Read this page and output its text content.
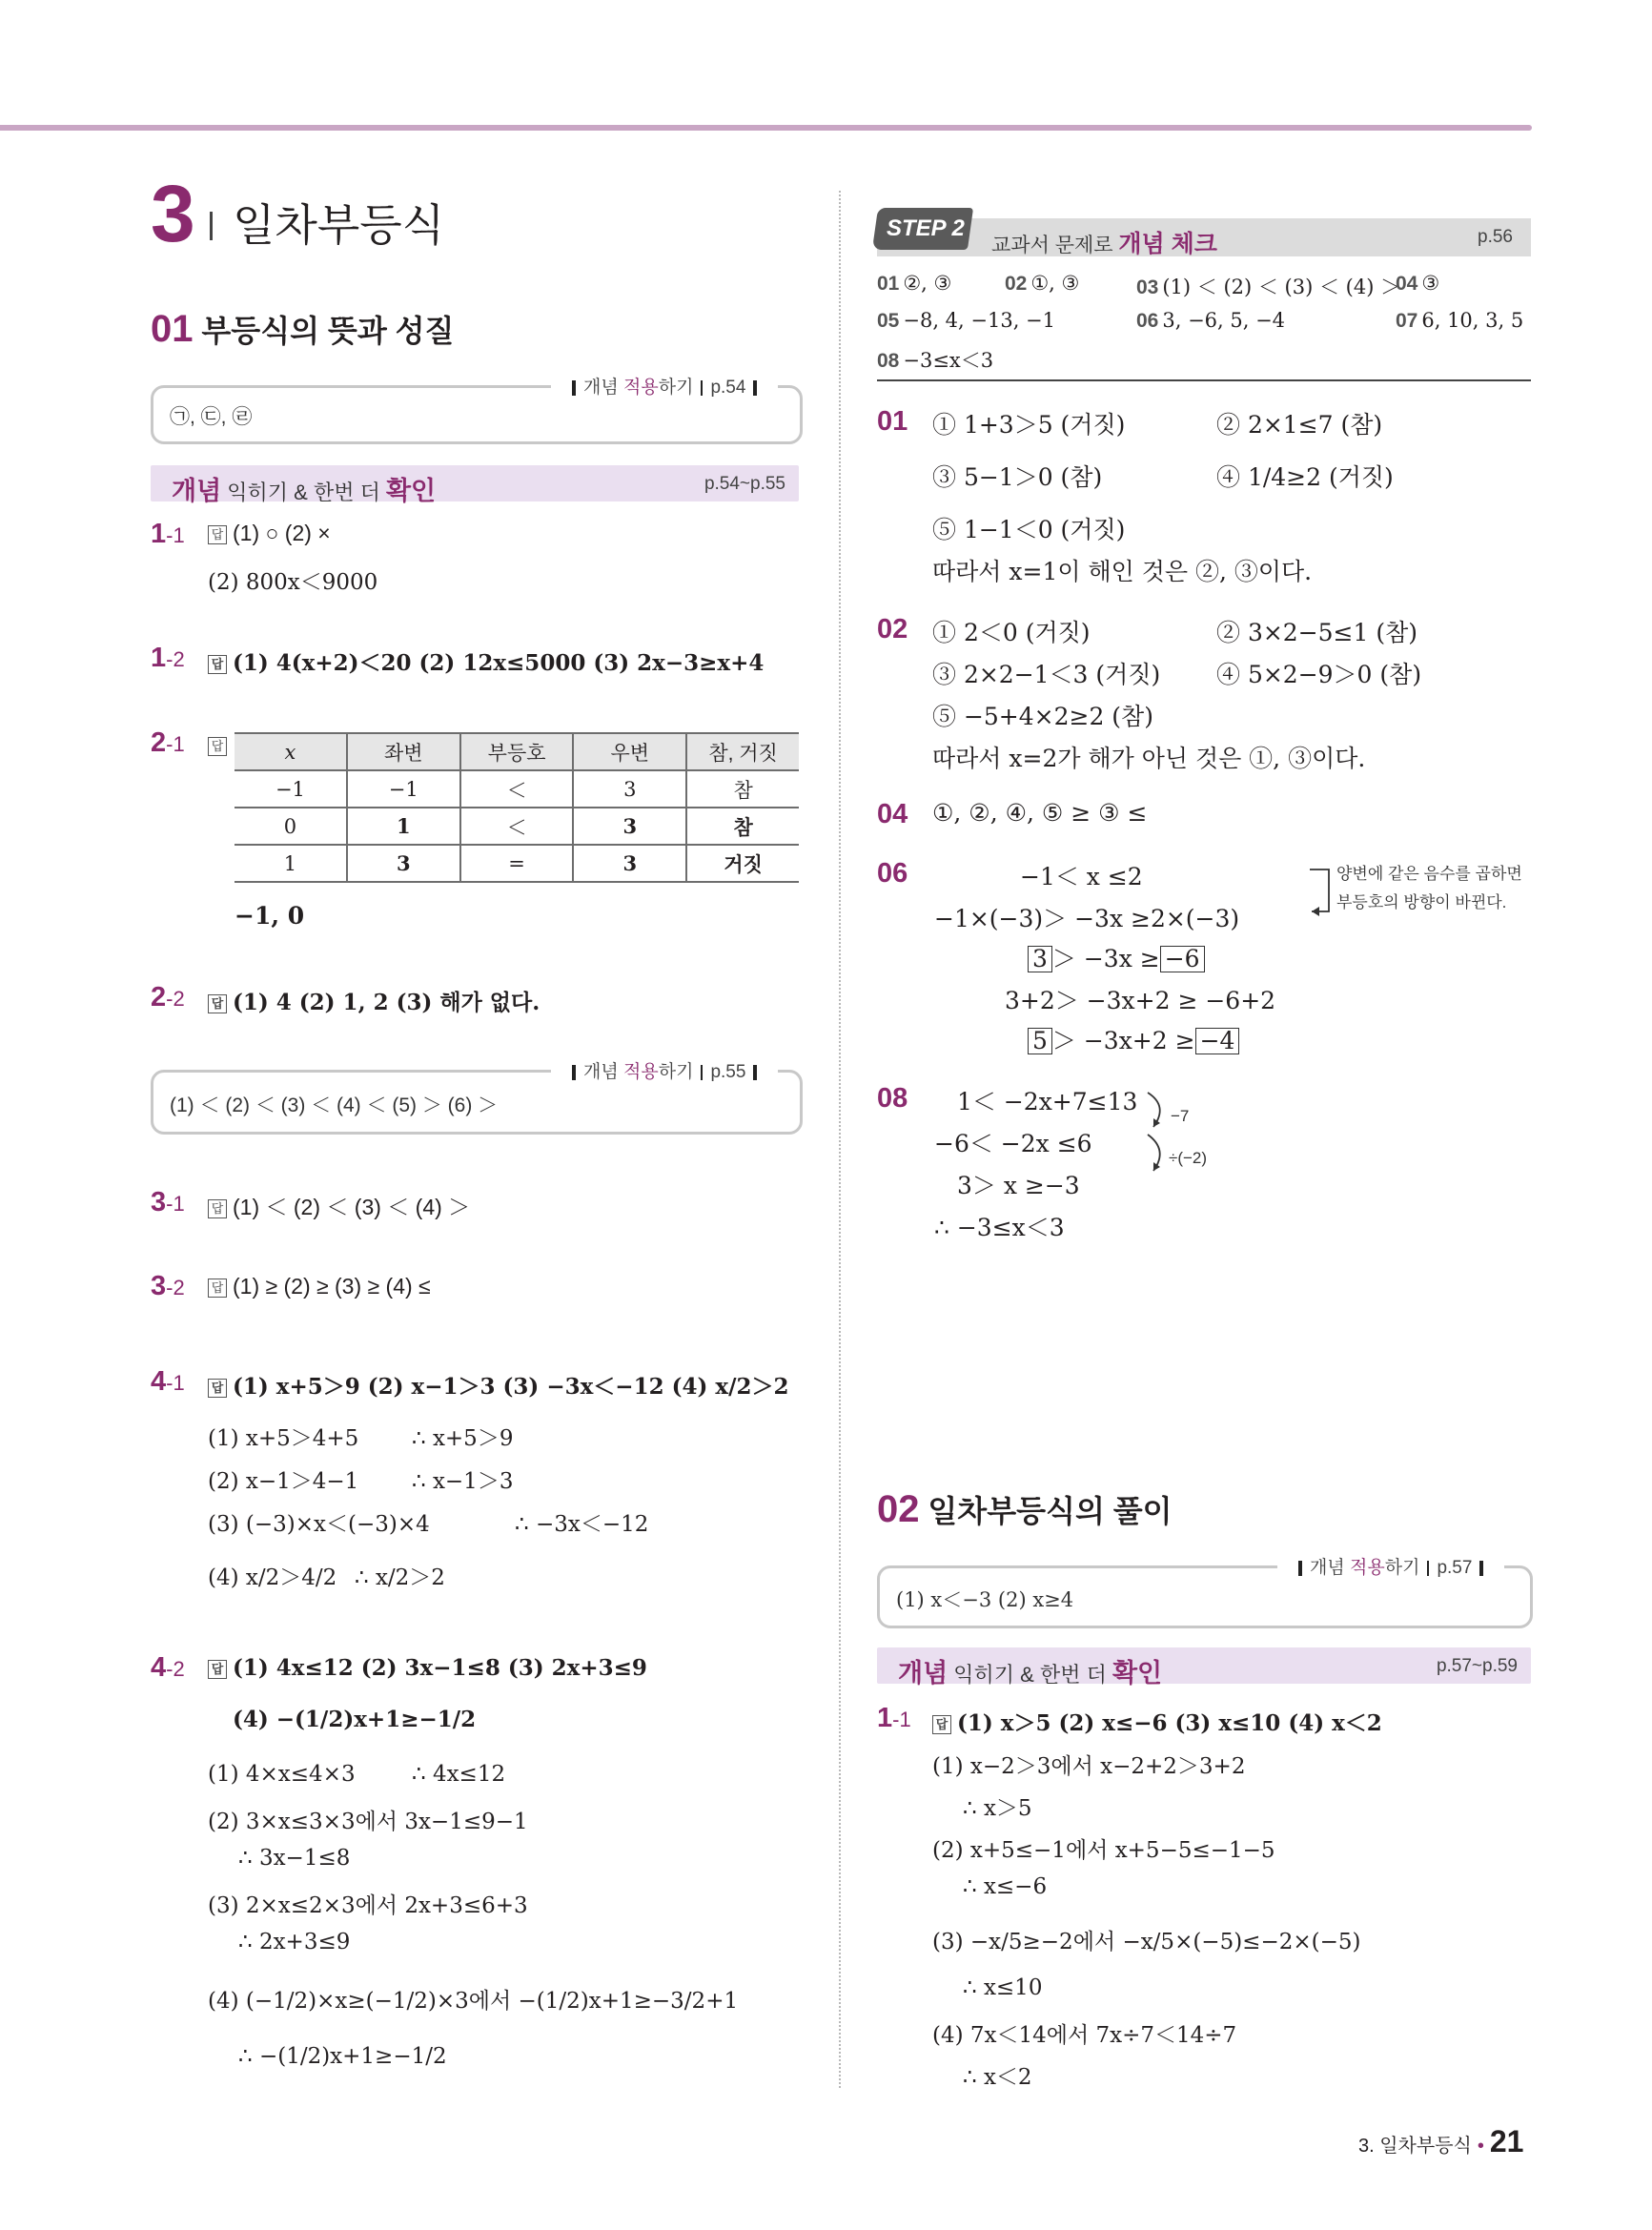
3 일차부등식
01 부등식의 뜻과 성질
개념 적용하기 p.54
㉠, ㉢, ㉣
개념 익히기 & 한번 더 확인	p.54~p.55
1-1 답 (1) ○ (2) ×
(2) 800x＜9000
1-2 답 (1) 4(x+2)＜20 (2) 12x≤5000 (3) 2x−3≥x+4
2-1 답	x	좌변	부등호	우변	참, 거짓
−1	−1	＜	3	참
0	1	＜	3	참
1	3	=	3	거짓
−1, 0
2-2 답 (1) 4 (2) 1, 2 (3) 해가 없다.
개념 적용하기 p.55
(1) ＜ (2) ＜ (3) ＜ (4) ＜ (5) ＞ (6) ＞
3-1 답 (1) ＜ (2) ＜ (3) ＜ (4) ＞
3-2 답 (1) ≥ (2) ≥ (3) ≥ (4) ≤
4-1 답 (1) x+5＞9 (2) x−1＞3 (3) −3x＜−12 (4) x/2＞2
(1) x+5＞4+5 ∴ x+5＞9
(2) x−1＞4−1 ∴ x−1＞3
(3) (−3)×x＜(−3)×4	∴ −3x＜−12
(4) x/2＞4/2 ∴ x/2＞2
4-2 답 (1) 4x≤12 (2) 3x−1≤8 (3) 2x+3≤9
(4) −(1/2)x+1≥−1/2
(1) 4×x≤4×3	∴ 4x≤12
(2) 3×x≤3×3에서 3x−1≤9−1
∴ 3x−1≤8
(3) 2×x≤2×3에서 2x+3≤6+3
∴ 2x+3≤9
(4) (−1/2)×x≥(−1/2)×3에서 −(1/2)x+1≥−3/2+1
∴ −(1/2)x+1≥−1/2
STEP 2
교과서 문제로 개념 체크	p.56
01 ②, ③	02 ①, ③	03 (1) ＜ (2) ＜ (3) ＜ (4) ＞
04 ③
05 −8, 4, −13, −1	06 3, −6, 5, −4	07 6, 10, 3, 5
08 −3≤x＜3
01 ① 1+3＞5 (거짓)	② 2×1≤7 (참)
③ 5−1＞0 (참)	④ 1/4≥2 (거짓)
⑤ 1−1＜0 (거짓)
따라서 x=1이 해인 것은 ②, ③이다.
02 ① 2＜0 (거짓)	② 3×2−5≤1 (참)
③ 2×2−1＜3 (거짓) ④ 5×2−9＞0 (참)
⑤ −5+4×2≥2 (참)
따라서 x=2가 해가 아닌 것은 ①, ③이다.
04 ①, ②, ④, ⑤ ≥ ③ ≤
06	−1＜ x ≤2
−1×(−3)＞ −3x ≥2×(−3)
3 ＞ −3x ≥ −6
3+2＞ −3x+2 ≥ −6+2
5 ＞ −3x+2 ≥ −4
양변에 같은 음수를 곱하면
부등호의 방향이 바뀐다.
08 1＜ −2x+7≤13
−6＜ −2x ≤6
3＞ x ≥−3
∴ −3≤x＜3
−7
÷(−2)
02 일차부등식의 풀이
개념 적용하기 p.57
(1) x＜−3 (2) x≥4
개념 익히기 & 한번 더 확인	p.57~p.59
1-1 답 (1) x＞5 (2) x≤−6 (3) x≤10 (4) x＜2
(1) x−2＞3에서 x−2+2＞3+2
∴ x＞5
(2) x+5≤−1에서 x+5−5≤−1−5
∴ x≤−6
(3) −x/5≥−2에서 −x/5×(−5)≤−2×(−5)
∴ x≤10
(4) 7x＜14에서 7x÷7＜14÷7
∴ x＜2
3. 일차부등식 • 21
